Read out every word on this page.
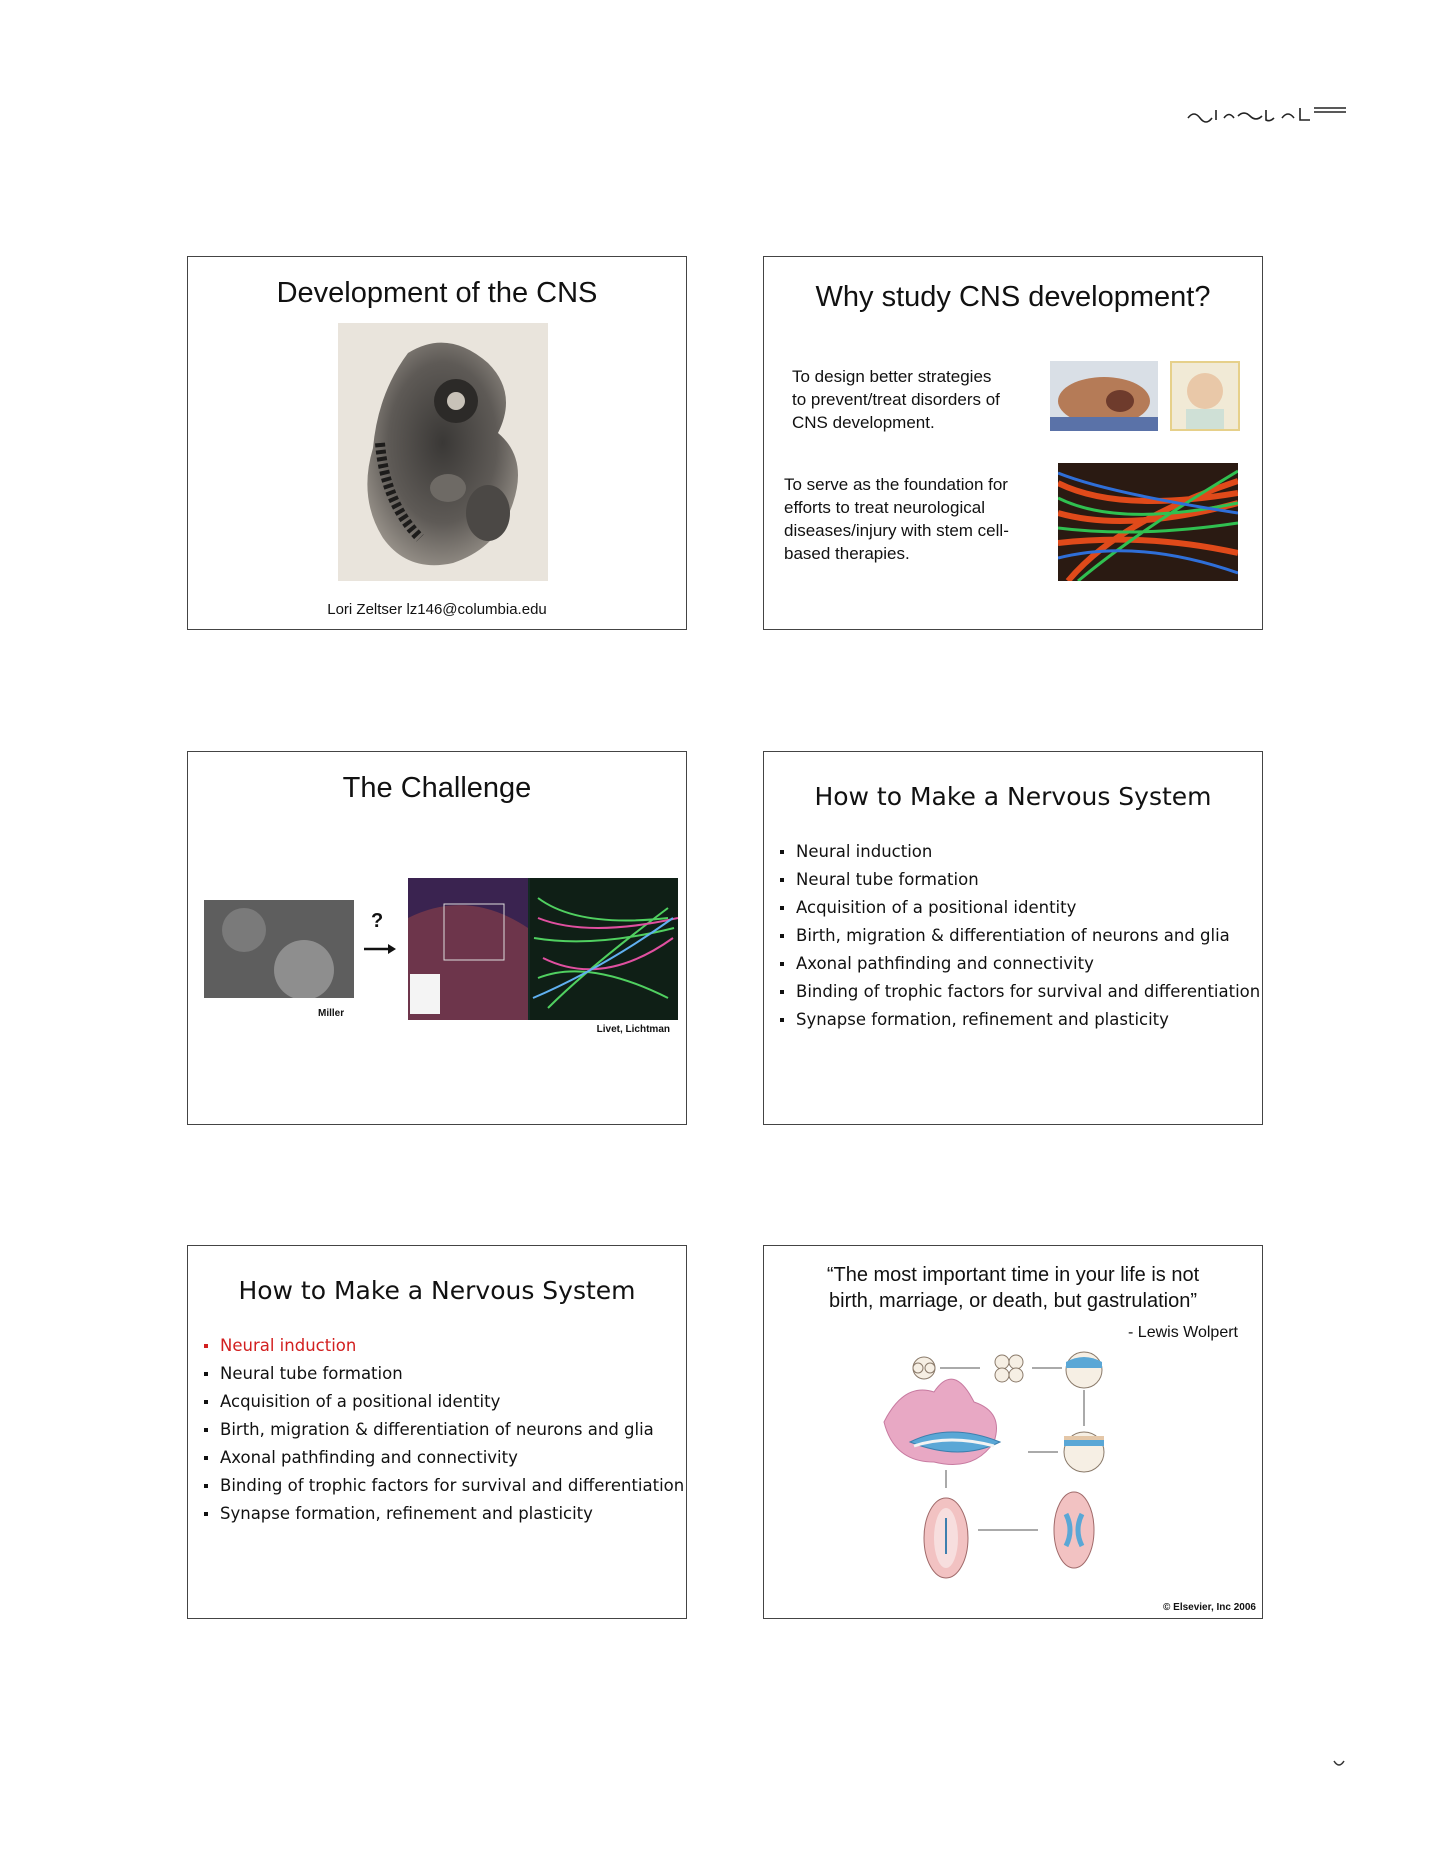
Development of the CNS
Lori Zeltser lz146@columbia.edu
Why study CNS development?
To design better strategies
to prevent/treat disorders of
CNS development.
To serve as the foundation for
efforts to treat neurological
diseases/injury with stem cell-
based therapies.
The Challenge
Miller
?
Livet, Lichtman
How to Make a Nervous System
Neural induction
Neural tube formation
Acquisition of a positional identity
Birth, migration & differentiation of neurons and glia
Axonal pathfinding and connectivity
Binding of trophic factors for survival and differentiation
Synapse formation, refinement and plasticity
How to Make a Nervous System
Neural induction
Neural tube formation
Acquisition of a positional identity
Birth, migration & differentiation of neurons and glia
Axonal pathfinding and connectivity
Binding of trophic factors for survival and differentiation
Synapse formation, refinement and plasticity
“The most important time in your life is not
birth, marriage, or death, but gastrulation”
- Lewis Wolpert
© Elsevier, Inc 2006
